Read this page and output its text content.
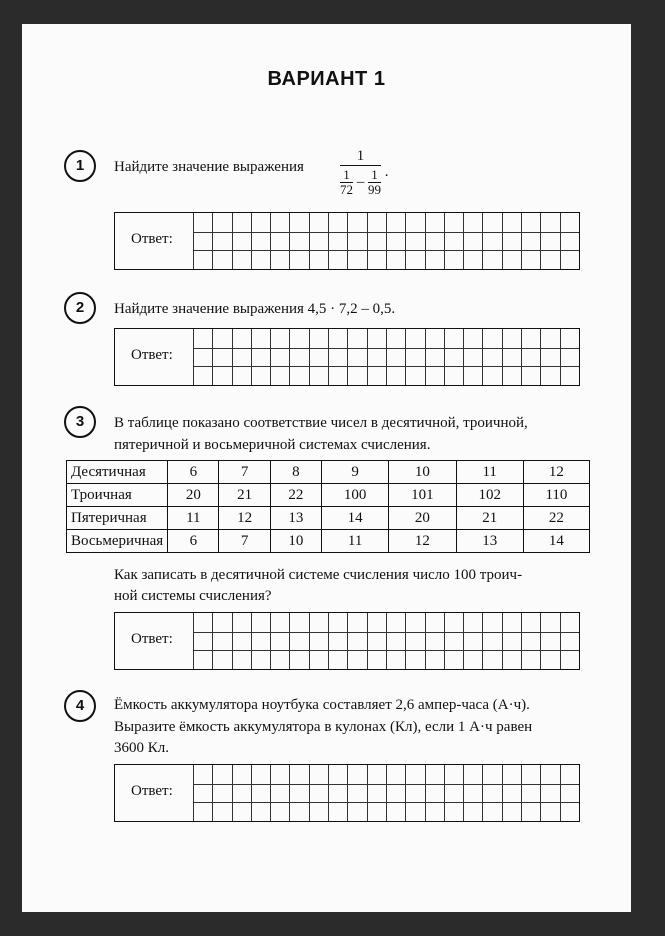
ВАРИАНТ 1
1	Найдите значение выражения
1
$\frac{1}{72} - \frac{1}{99}$ .
Ответ:
2	Найдите значение выражения 4,5 · 7,2 – 0,5.
Ответ:
3	В таблице показано соответствие чисел в десятичной, троичной,
пятеричной и восьмеричной системах счисления.
Десятичная	6	7	8	9	10	11	12
Троичная	20	21	22	100	101	102	110
Пятеричная	11	12	13	14	20	21	22
Восьмеричная	6	7	10	11	12	13	14
Как записать в десятичной системе счисления число 100 троич-
ной системы счисления?
Ответ:
4	Ёмкость аккумулятора ноутбука составляет 2,6 ампер-часа (А·ч).
Выразите ёмкость аккумулятора в кулонах (Кл), если 1 А·ч равен
3600 Кл.
Ответ:
